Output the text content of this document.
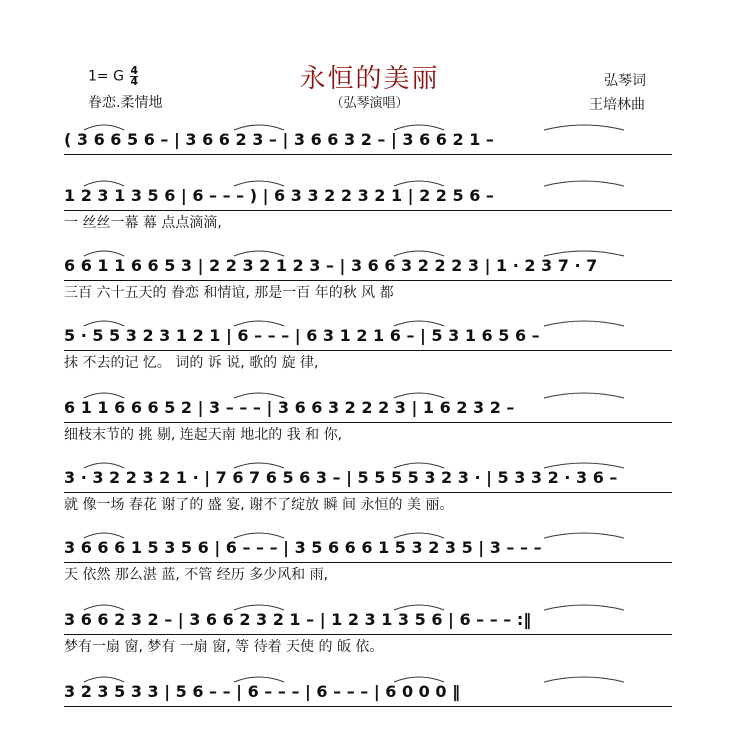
1= G $\frac{4}{4}$	永恒的美丽
（弘琴演唱）
眷恋.柔情地
弘琴词
王培林曲
( 3 6 6 5 6 – | 3 6 6 2 3 – | 3 6 6 3 2 – | 3 6 6 2 1 –
1 2 3 1 3 5 6 | 6 – – – ) | 6 3 3 2 2 3 2 1 | 2 2 5 6 –
一 丝丝一幕 幕 点点滴滴,
6 6 1 1 6 6 5 3 | 2 2 3 2 1 2 3 – | 3 6 6 3 2 2 2 3 | 1 · 2 3 7 · 7
三百 六十五天的 眷恋 和情谊, 那是一百 年的秋 风 都
5 · 5 5 3 2 3 1 2 1 | 6 – – – | 6 3 1 2 1 6 – | 5 3 1 6 5 6 –
抹 不去的记 忆。 词的 诉 说, 歌的 旋 律,
6 1 1 6 6 6 5 2 | 3 – – – | 3 6 6 3 2 2 2 3 | 1 6 2 3 2 –
细枝末节的 挑 剔, 连起天南 地北的 我 和 你,
3 · 3 2 2 3 2 1 · | 7 6 7 6 5 6 3 – | 5 5 5 5 3 2 3 · | 5 3 3 2 · 3 6 –
就 像一场 春花 谢了的 盛 宴, 谢不了绽放 瞬 间 永恒的 美 丽。
3 6 6 6 1 5 3 5 6 | 6 – – – | 3 5 6 6 6 1 5 3 2 3 5 | 3 – – –
天 依然 那么湛 蓝, 不管 经历 多少风和 雨,
3 6 6 2 3 2 – | 3 6 6 2 3 2 1 – | 1 2 3 1 3 5 6 | 6 – – – :‖
梦有一扇 窗, 梦有 一扇 窗, 等 待着 天使 的 皈 依。
3 2 3 5 3 3 | 5 6 – – | 6 – – – | 6 – – – | 6 0 0 0 ‖
